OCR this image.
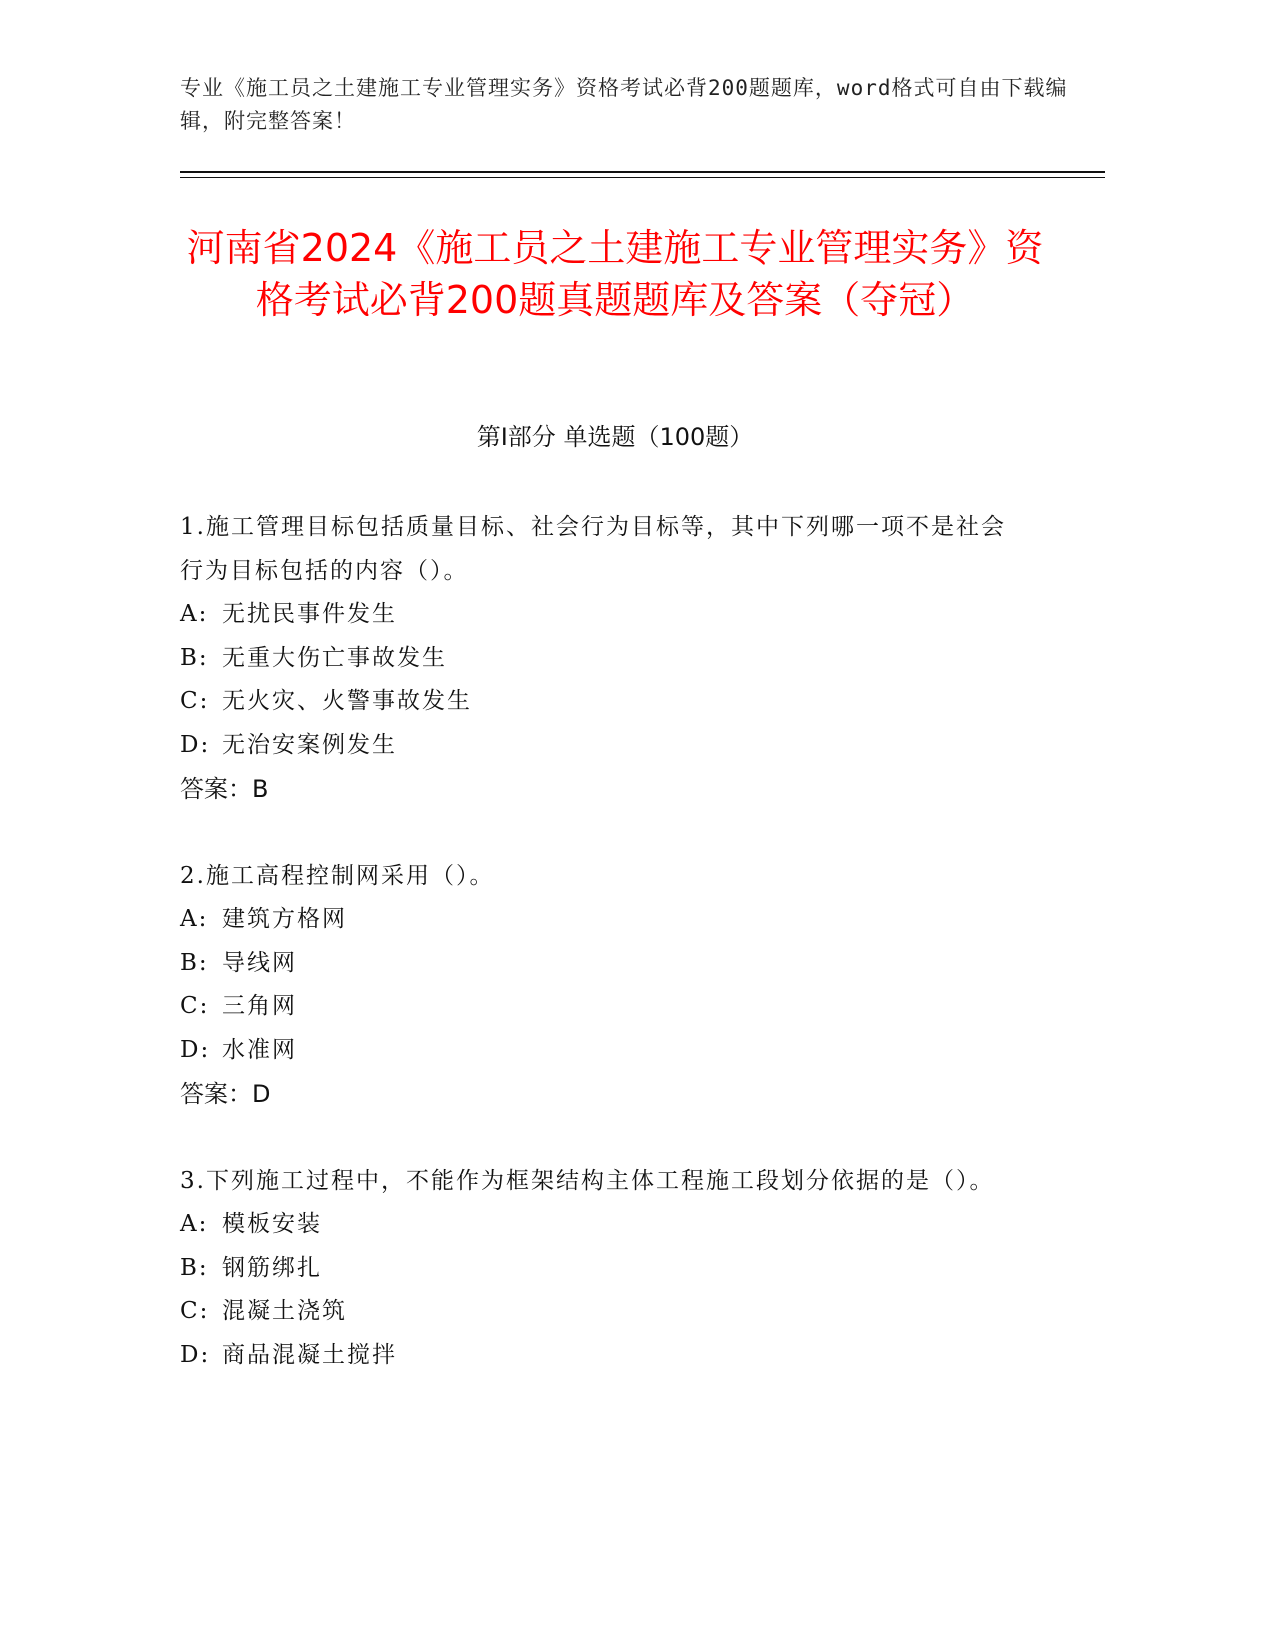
专业《施工员之土建施工专业管理实务》资格考试必背200题题库，word格式可自由下载编辑，附完整答案！

河南省2024《施工员之土建施工专业管理实务》资格考试必背200题真题题库及答案（夺冠）
第Ⅰ部分 单选题（100题）

1.施工管理目标包括质量目标、社会行为目标等，其中下列哪一项不是社会行为目标包括的内容（）。

A: 无扰民事件发生
B: 无重大伤亡事故发生
C: 无火灾、火警事故发生
D: 无治安案例发生

答案：B

2.施工高程控制网采用（）。

A: 建筑方格网
B: 导线网
C: 三角网
D: 水准网

答案：D

3.下列施工过程中，不能作为框架结构主体工程施工段划分依据的是（）。

A: 模板安装
B: 钢筋绑扎
C: 混凝土浇筑
D: 商品混凝土搅拌
